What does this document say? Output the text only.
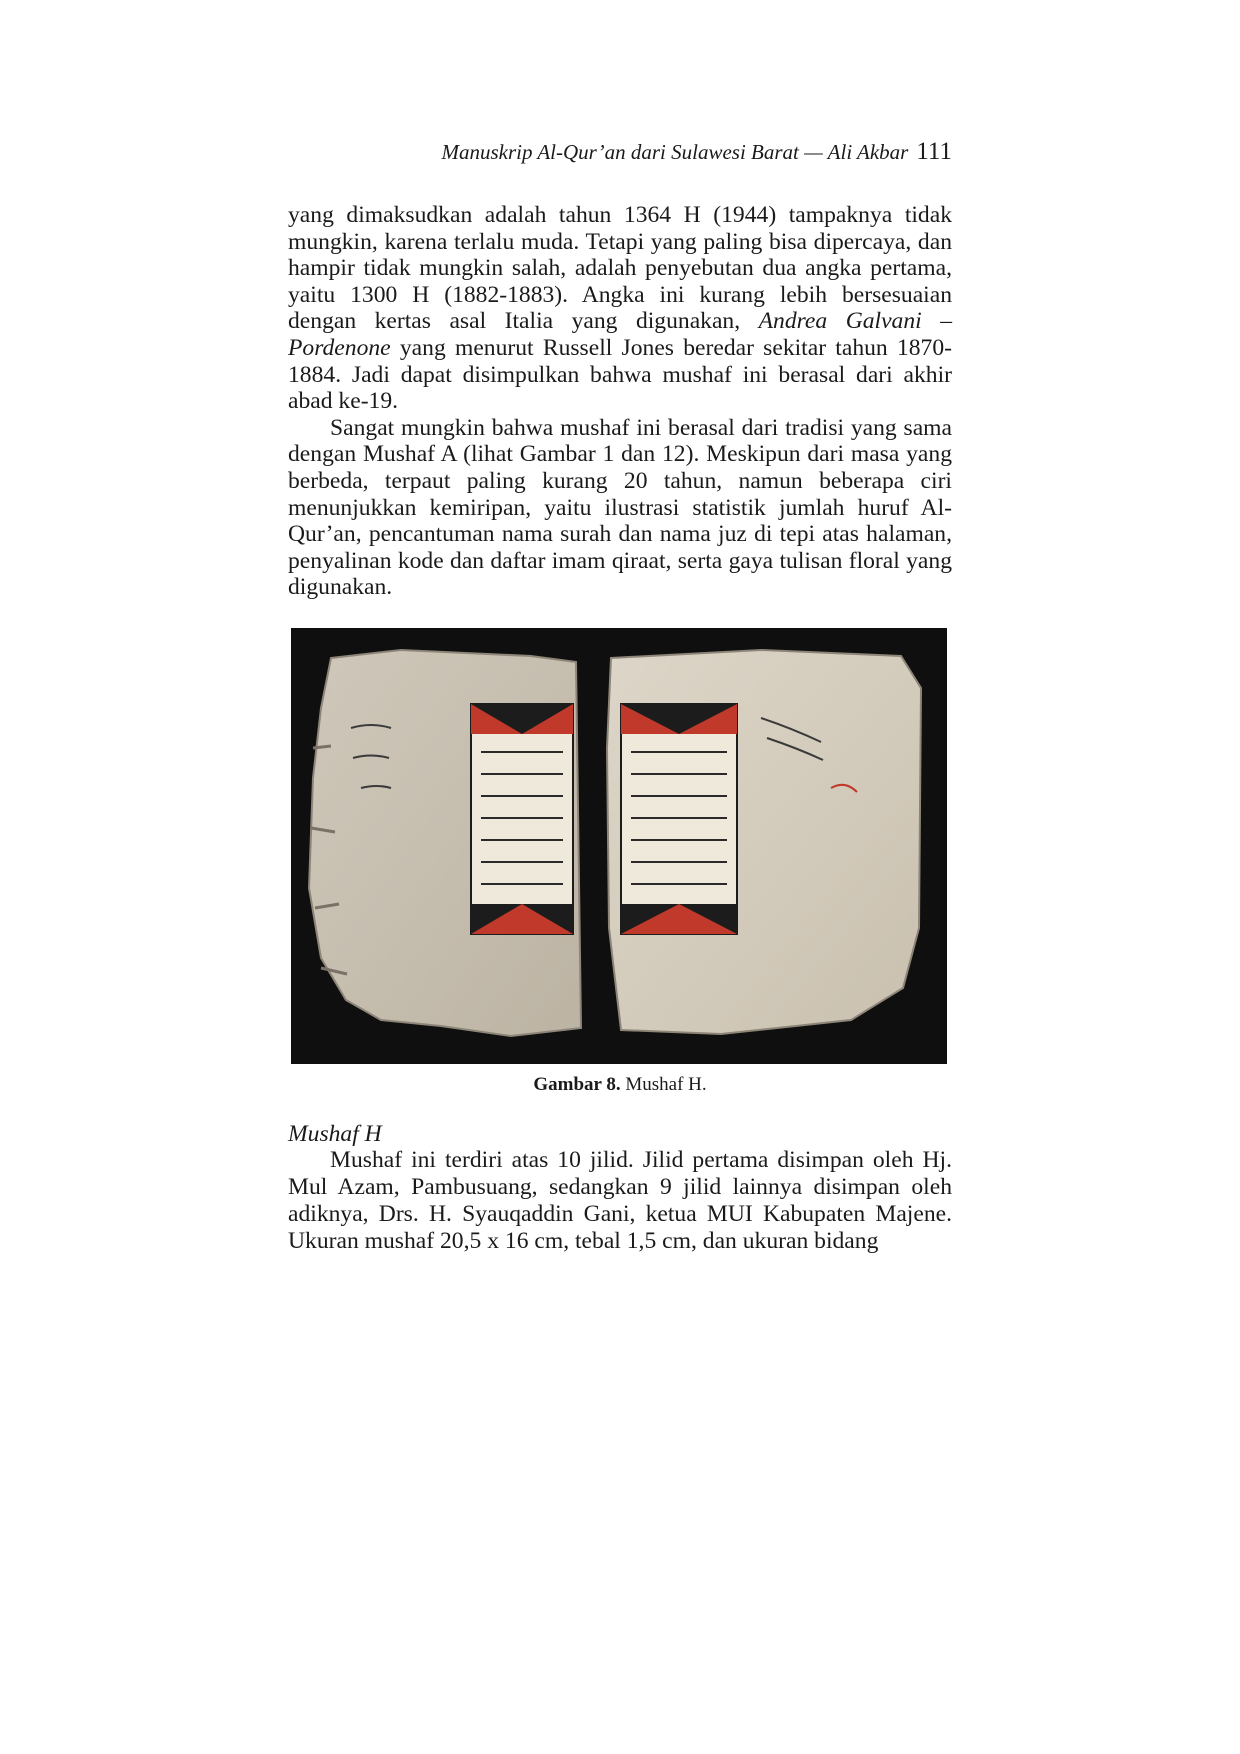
Manuskrip Al-Qur’an dari Sulawesi Barat — Ali Akbar 111

yang dimaksudkan adalah tahun 1364 H (1944) tampaknya tidak mungkin, karena terlalu muda. Tetapi yang paling bisa dipercaya, dan hampir tidak mungkin salah, adalah penyebutan dua angka pertama, yaitu 1300 H (1882-1883). Angka ini kurang lebih bersesuaian dengan kertas asal Italia yang digunakan, Andrea Galvani – Pordenone yang menurut Russell Jones beredar sekitar tahun 1870-1884. Jadi dapat disimpulkan bahwa mushaf ini berasal dari akhir abad ke-19.

Sangat mungkin bahwa mushaf ini berasal dari tradisi yang sama dengan Mushaf A (lihat Gambar 1 dan 12). Meskipun dari masa yang berbeda, terpaut paling kurang 20 tahun, namun beberapa ciri menunjukkan kemiripan, yaitu ilustrasi statistik jumlah huruf Al-Qur’an, pencantuman nama surah dan nama juz di tepi atas halaman, penyalinan kode dan daftar imam qiraat, serta gaya tulisan floral yang digunakan.

Gambar 8. Mushaf H.
Mushaf H

Mushaf ini terdiri atas 10 jilid. Jilid pertama disimpan oleh Hj. Mul Azam, Pambusuang, sedangkan 9 jilid lainnya disimpan oleh adiknya, Drs. H. Syauqaddin Gani, ketua MUI Kabupaten Majene. Ukuran mushaf 20,5 x 16 cm, tebal 1,5 cm, dan ukuran bidang
